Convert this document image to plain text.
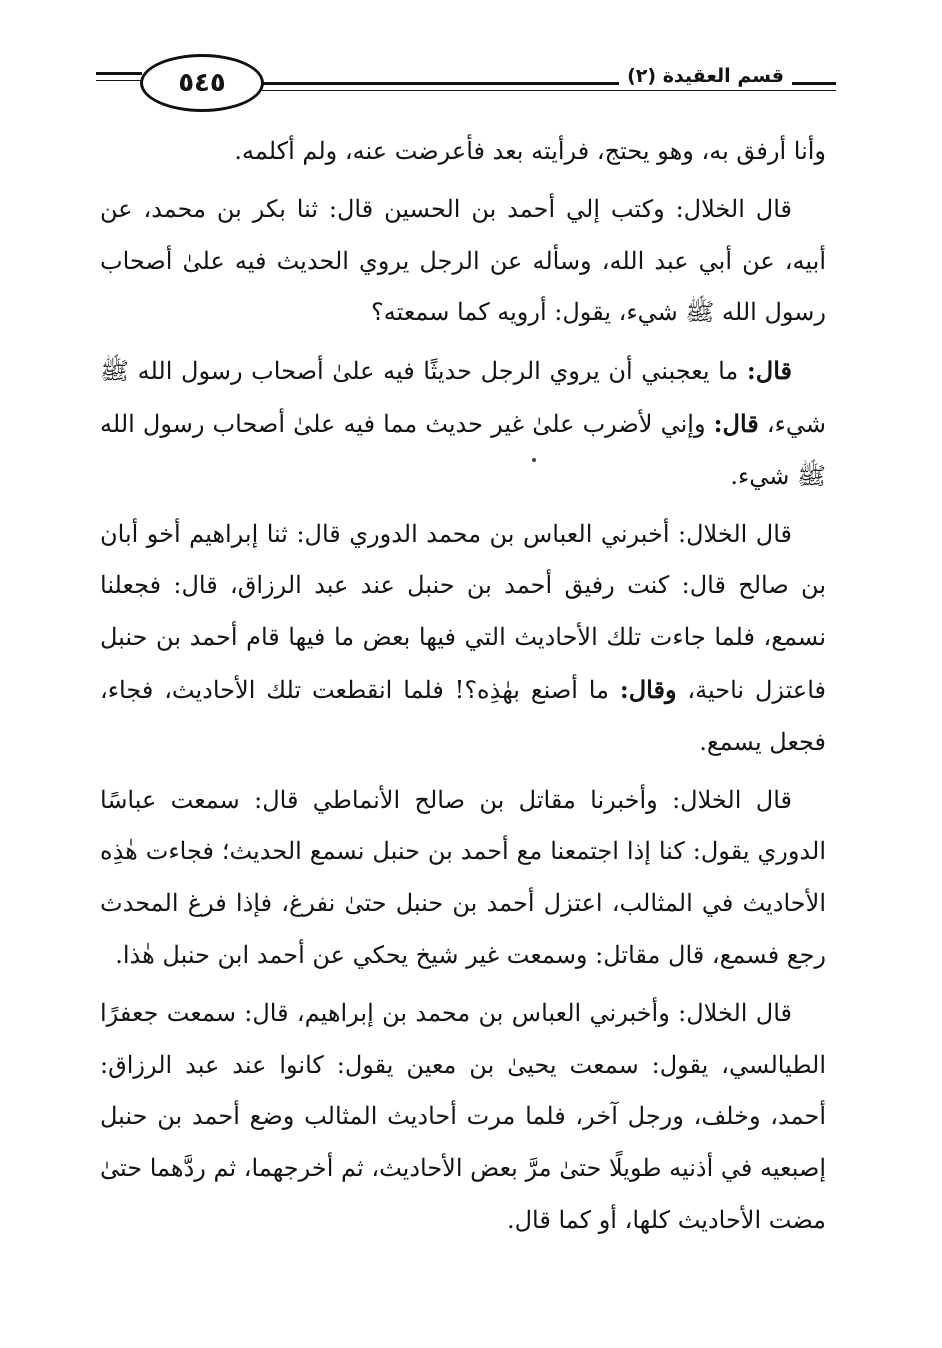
٥٤٥	قسم العقيدة (٢)

وأنا أرفق به، وهو يحتج، فرأيته بعد فأعرضت عنه، ولم أكلمه.

قال الخلال: وكتب إلي أحمد بن الحسين قال: ثنا بكر بن محمد، عن أبيه، عن أبي عبد الله، وسأله عن الرجل يروي الحديث فيه علىٰ أصحاب رسول الله ﷺ شيء، يقول: أرويه كما سمعته؟

قال: ما يعجبني أن يروي الرجل حديثًا فيه علىٰ أصحاب رسول الله ﷺ شيء، قال: وإني لأضرب علىٰ غير حديث مما فيه علىٰ أصحاب رسول الله ﷺ شيء.

قال الخلال: أخبرني العباس بن محمد الدوري قال: ثنا إبراهيم أخو أبان بن صالح قال: كنت رفيق أحمد بن حنبل عند عبد الرزاق، قال: فجعلنا نسمع، فلما جاءت تلك الأحاديث التي فيها بعض ما فيها قام أحمد بن حنبل فاعتزل ناحية، وقال: ما أصنع بهٰذِه؟! فلما انقطعت تلك الأحاديث، فجاء، فجعل يسمع.

قال الخلال: وأخبرنا مقاتل بن صالح الأنماطي قال: سمعت عباسًا الدوري يقول: كنا إذا اجتمعنا مع أحمد بن حنبل نسمع الحديث؛ فجاءت هٰذِه الأحاديث في المثالب، اعتزل أحمد بن حنبل حتىٰ نفرغ، فإذا فرغ المحدث رجع فسمع، قال مقاتل: وسمعت غير شيخ يحكي عن أحمد ابن حنبل هٰذا.

قال الخلال: وأخبرني العباس بن محمد بن إبراهيم، قال: سمعت جعفرًا الطيالسي، يقول: سمعت يحيىٰ بن معين يقول: كانوا عند عبد الرزاق: أحمد، وخلف، ورجل آخر، فلما مرت أحاديث المثالب وضع أحمد بن حنبل إصبعيه في أذنيه طويلًا حتىٰ مرَّ بعض الأحاديث، ثم أخرجهما، ثم ردَّهما حتىٰ مضت الأحاديث كلها، أو كما قال.
